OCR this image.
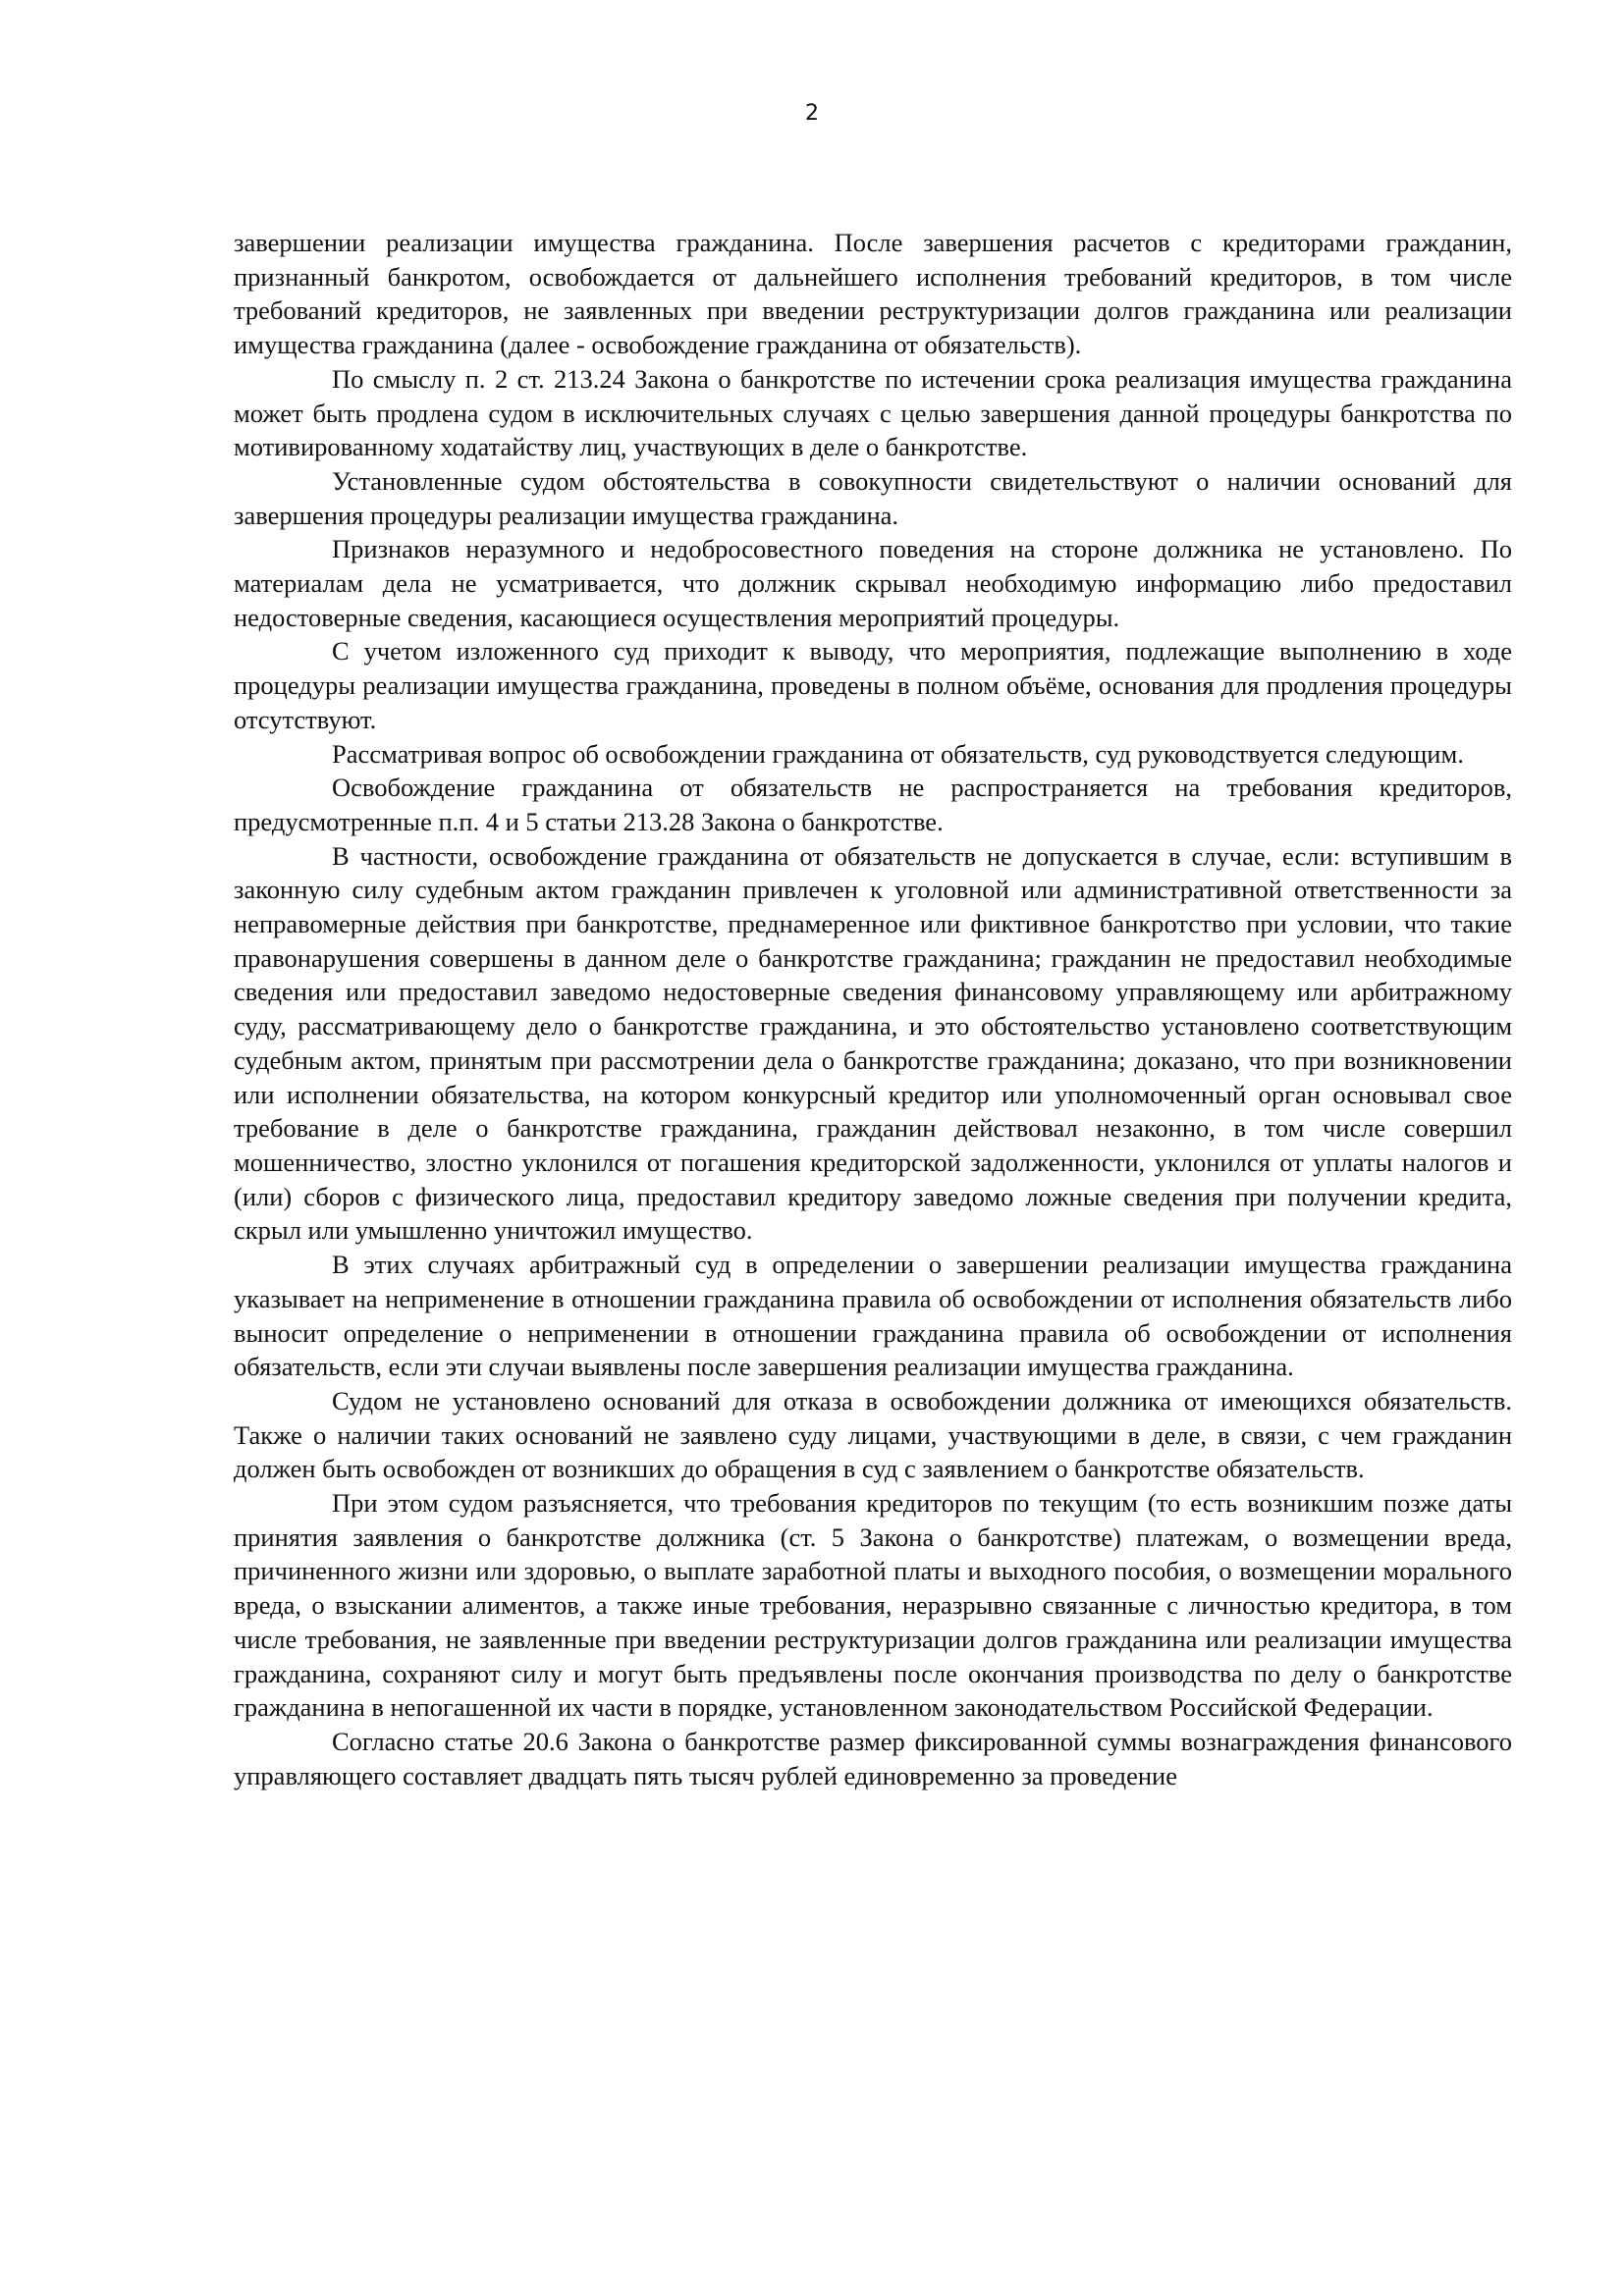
2

завершении реализации имущества гражданина. После завершения расчетов с кредиторами гражданин, признанный банкротом, освобождается от дальнейшего исполнения требований кредиторов, в том числе требований кредиторов, не заявленных при введении реструктуризации долгов гражданина или реализации имущества гражданина (далее - освобождение гражданина от обязательств).

По смыслу п. 2 ст. 213.24 Закона о банкротстве по истечении срока реализация имущества гражданина может быть продлена судом в исключительных случаях с целью завершения данной процедуры банкротства по мотивированному ходатайству лиц, участвующих в деле о банкротстве.

Установленные судом обстоятельства в совокупности свидетельствуют о наличии оснований для завершения процедуры реализации имущества гражданина.

Признаков неразумного и недобросовестного поведения на стороне должника не установлено. По материалам дела не усматривается, что должник скрывал необходимую информацию либо предоставил недостоверные сведения, касающиеся осуществления мероприятий процедуры.

С учетом изложенного суд приходит к выводу, что мероприятия, подлежащие выполнению в ходе процедуры реализации имущества гражданина, проведены в полном объёме, основания для продления процедуры отсутствуют.

Рассматривая вопрос об освобождении гражданина от обязательств, суд руководствуется следующим.

Освобождение гражданина от обязательств не распространяется на требования кредиторов, предусмотренные п.п. 4 и 5 статьи 213.28 Закона о банкротстве.

В частности, освобождение гражданина от обязательств не допускается в случае, если: вступившим в законную силу судебным актом гражданин привлечен к уголовной или административной ответственности за неправомерные действия при банкротстве, преднамеренное или фиктивное банкротство при условии, что такие правонарушения совершены в данном деле о банкротстве гражданина; гражданин не предоставил необходимые сведения или предоставил заведомо недостоверные сведения финансовому управляющему или арбитражному суду, рассматривающему дело о банкротстве гражданина, и это обстоятельство установлено соответствующим судебным актом, принятым при рассмотрении дела о банкротстве гражданина; доказано, что при возникновении или исполнении обязательства, на котором конкурсный кредитор или уполномоченный орган основывал свое требование в деле о банкротстве гражданина, гражданин действовал незаконно, в том числе совершил мошенничество, злостно уклонился от погашения кредиторской задолженности, уклонился от уплаты налогов и (или) сборов с физического лица, предоставил кредитору заведомо ложные сведения при получении кредита, скрыл или умышленно уничтожил имущество.

В этих случаях арбитражный суд в определении о завершении реализации имущества гражданина указывает на неприменение в отношении гражданина правила об освобождении от исполнения обязательств либо выносит определение о неприменении в отношении гражданина правила об освобождении от исполнения обязательств, если эти случаи выявлены после завершения реализации имущества гражданина.

Судом не установлено оснований для отказа в освобождении должника от имеющихся обязательств. Также о наличии таких оснований не заявлено суду лицами, участвующими в деле, в связи, с чем гражданин должен быть освобожден от возникших до обращения в суд с заявлением о банкротстве обязательств.

При этом судом разъясняется, что требования кредиторов по текущим (то есть возникшим позже даты принятия заявления о банкротстве должника (ст. 5 Закона о банкротстве) платежам, о возмещении вреда, причиненного жизни или здоровью, о выплате заработной платы и выходного пособия, о возмещении морального вреда, о взыскании алиментов, а также иные требования, неразрывно связанные с личностью кредитора, в том числе требования, не заявленные при введении реструктуризации долгов гражданина или реализации имущества гражданина, сохраняют силу и могут быть предъявлены после окончания производства по делу о банкротстве гражданина в непогашенной их части в порядке, установленном законодательством Российской Федерации.

Согласно статье 20.6 Закона о банкротстве размер фиксированной суммы вознаграждения финансового управляющего составляет двадцать пять тысяч рублей единовременно за проведение
